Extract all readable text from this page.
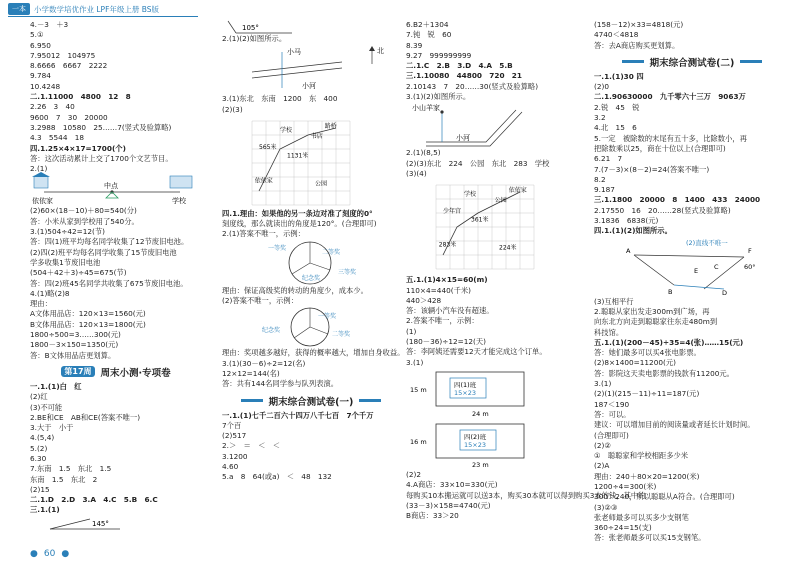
一本	小学数学培优作业 LPF年级上册 BS版
4.－3　＋3
5.①
6.950
7.95012　104975
8.6666　6667　2222
9.784
10.4248
二.1.11000　4800　12　8
2.26　3　40
9600　7　30　20000
3.2988　10580　25……7(竖式及验算略)
4.3　5544　18
四.1.25×4×17=1700(个)
答：这次活动累计上交了1700个文艺节目。
2.(1)
依依家
中点
学校
(2)60×(18－10)＋80=540(分)
答：小米从家到学校用了540分。
3.(1)504÷42=12(节)
答：四(1)班平均每名同学收集了12节废旧电池。
(2)四(2)班平均每名同学收集了15节废旧电池
学多收集1节废旧电池
(504＋42＋3)÷45=675(节)
答：四(2)班45名同学共收集了675节废旧电池。
4.(1)略(2)8
理由：
A文体用品店：120×13=1560(元)
B文体用品店：120×13=1800(元)
1800÷500=3……300(元)
1800－3×150=1350(元)
答：B文体用品店更划算。
第17周 周末小测·专项卷
一.1.(1)白　红
(2)红
(3)不可能
2.BE和CE　AB和CE(答案不唯一)
3.大于　小于
4.(5,4)
5.(2)
6.30
7.东南　1.5　东北　1.5
东南　1.5　东北　2
(2)15
二.1.D　2.D　3.A　4.C　5.B　6.C
三.1.(1)
145°
105°
2.(1)(2)如图所示。
小马
小河
北
3.(1)东北　东南　1200　东　400
(2)(3)
学校
565米
1131米
书店
路桥
公园
依依家
四.1.理由：如果他的另一条边对准了刻度的0°
刻度线，那么就读出的角度是120°。(合理即可)
2.(1)答案不唯一，示例：
一等奖
二等奖
纪念奖
三等奖
理由：保证高级奖的转动的角度少，成本少。
(2)答案不唯一，示例：
纪念奖
一等奖
二等奖
理由：奖项越多越好，获得的概率越大，增加自身收益。
3.(1)(30－6)÷2=12(名)
12×12=144(名)
答：共有144名同学参与队列表演。
期末综合测试卷(一)
一.1.(1)七千二百六十四万八千七百　7个千万
7个百
(2)517
2.＞　＝　＜　＜
3.1200
4.60
5.a　8　64(或a)　＜　48　132
6.B2＋1304
7.钝　锐　60
8.39
9.27　999999999
二.1.C　2.B　3.D　4.A　5.B
三.1.10080　44800　720　21
2.10143　7　20……30(竖式及验算略)
3.(1)(2)如图所示。
小山羊家
小河
2.(1)(8,5)
(2)(3)东北　224　公园　东北　283　学校
(3)(4)
学校
少年宫
361米
公园
依依家
224米
283米
五.1.(1)4×15=60(m)
110×4=440(千米)
440＞428
答：该辆小汽车没有超速。
2.答案不唯一，示例：
(1)
(180－36)÷12=12(天)
答：李阿姨还需要12天才能完成这个订单。
3.(1)
15 m
四(1)班
15×23
24 m
16 m
四(2)班
15×23
23 m
(2)2
4.A商店：33×10=330(元)
每购买10本搬运就可以送3本，购买30本就可以得到购买3本的钱，其中的
(33－3)×158=4740(元)
B商店：33＞20
(158－12)×33=4818(元)
4740＜4818
答：去A商店购买更划算。
期末综合测试卷(二)
一.1.(1)30 四
(2)0
二.1.90630000　九千零六十三万　9063万
2.锐　45　锐
3.2
4.北　15　6
5.一定　被除数的末尾有五十多，比除数小，再
把除数乘以25，商在十位以上(合理即可)
6.21　7
7.(7－3)×(8－2)=24(答案不唯一)
8.2
9.187
三.1.1800　20000　8　1400　433　24000
2.17550　16　20……28(竖式及验算略)
3.1836　6838(元)
四.1.(1)(2)如图所示。
(2)直线不唯一
A
B
E C
D
60°
F
(3)互相平行
2.聪聪从家出发走300m到广场，再
向东北方向走到聪聪家往东走480m到
科技馆。
五.1.(1)(200－45)÷35=4(张)……15(元)
答：她们最多可以买4张电影票。
(2)8×1400=11200(元)
答：影院这天卖电影票的钱款有11200元。
3.(1)
(2)(1)(215－11)÷11=187(元)
187＜190
答：可以。
建议：可以增加目前的阅读量或者延长计划时间。
(合理即可)
(2)②
①　聪聪家和学校相距多少米
(2)A
理由：240＋80×20=1200(米)
1200÷4=300(米)
300＞240，所以聪聪从A符合。(合理即可)
(3)②③
张老师最多可以买多少支钢笔
360÷24=15(支)
答：张老师最多可以买15支钢笔。
● 60 ●
